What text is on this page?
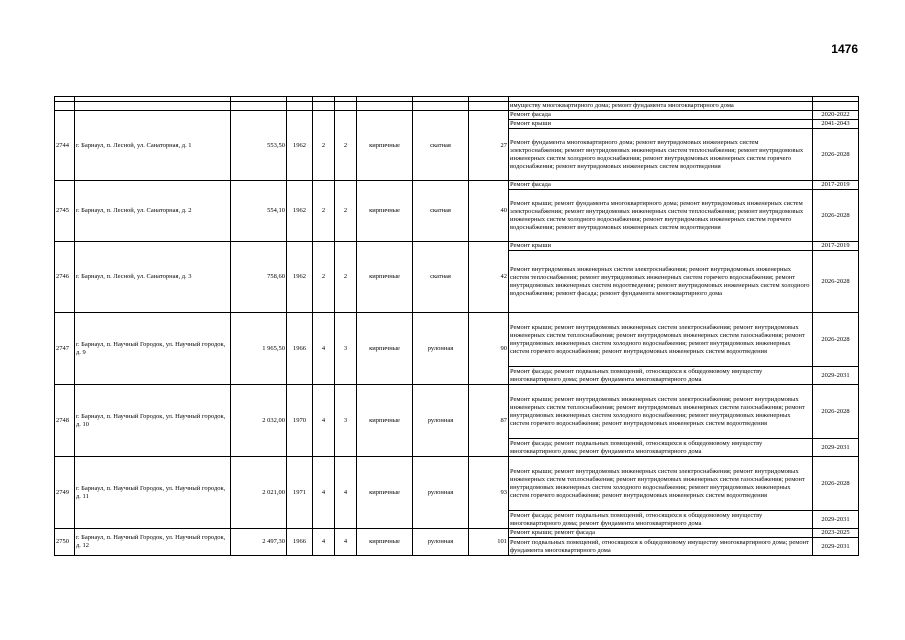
1476

									имуществу многоквартирного дома; ремонт фундамента многоквартирного дома	
2744	г. Барнаул, п. Лесной, ул. Санаторная, д. 1	553,50	1962	2	2	кирпичные	скатная	27	Ремонт фасада	2020-2022
									Ремонт крыши	2041-2043
									Ремонт фундамента многоквартирного дома; ремонт внутридомовых инженерных систем электроснабжения; ремонт внутридомовых инженерных систем теплоснабжения; ремонт внутридомовых инженерных систем холодного водоснабжения; ремонт внутридомовых инженерных систем горячего водоснабжения; ремонт внутридомовых инженерных систем водоотведения	2026-2028
2745	г. Барнаул, п. Лесной, ул. Санаторная, д. 2	554,10	1962	2	2	кирпичные	скатная	40	Ремонт фасада	2017-2019
									Ремонт крыши; ремонт фундамента многоквартирного дома; ремонт внутридомовых инженерных систем электроснабжения; ремонт внутридомовых инженерных систем теплоснабжения; ремонт внутридомовых инженерных систем холодного водоснабжения; ремонт внутридомовых инженерных систем горячего водоснабжения; ремонт внутридомовых инженерных систем водоотведения	2026-2028
2746	г. Барнаул, п. Лесной, ул. Санаторная, д. 3	758,60	1962	2	2	кирпичные	скатная	42	Ремонт крыши	2017-2019
									Ремонт внутридомовых инженерных систем электроснабжения; ремонт внутридомовых инженерных систем теплоснабжения; ремонт внутридомовых инженерных систем горячего водоснабжения; ремонт внутридомовых инженерных систем водоотведения; ремонт внутридомовых инженерных систем холодного водоснабжения; ремонт фасада; ремонт фундамента многоквартирного дома	2026-2028
2747	г. Барнаул, п. Научный Городок, ул. Научный городок, д. 9	1 965,50	1966	4	3	кирпичные	рулонная	90	Ремонт крыши; ремонт внутридомовых инженерных систем электроснабжения; ремонт внутридомовых инженерных систем теплоснабжения; ремонт внутридомовых инженерных систем газоснабжения; ремонт внутридомовых инженерных систем холодного водоснабжения; ремонт внутридомовых инженерных систем горячего водоснабжения; ремонт внутридомовых инженерных систем водоотведения	2026-2028
									Ремонт фасада; ремонт подвальных помещений, относящихся к общедомовому имуществу многоквартирного дома; ремонт фундамента многоквартирного дома	2029-2031
2748	г. Барнаул, п. Научный Городок, ул. Научный городок, д. 10	2 032,00	1970	4	3	кирпичные	рулонная	87	Ремонт крыши; ремонт внутридомовых инженерных систем электроснабжения; ремонт внутридомовых инженерных систем теплоснабжения; ремонт внутридомовых инженерных систем газоснабжения; ремонт внутридомовых инженерных систем холодного водоснабжения; ремонт внутридомовых инженерных систем горячего водоснабжения; ремонт внутридомовых инженерных систем водоотведения	2026-2028
									Ремонт фасада; ремонт подвальных помещений, относящихся к общедомовому имуществу многоквартирного дома; ремонт фундамента многоквартирного дома	2029-2031
2749	г. Барнаул, п. Научный Городок, ул. Научный городок, д. 11	2 021,00	1971	4	4	кирпичные	рулонная	93	Ремонт крыши; ремонт внутридомовых инженерных систем электроснабжения; ремонт внутридомовых инженерных систем теплоснабжения; ремонт внутридомовых инженерных систем газоснабжения; ремонт внутридомовых инженерных систем холодного водоснабжения; ремонт внутридомовых инженерных систем горячего водоснабжения; ремонт внутридомовых инженерных систем водоотведения	2026-2028
									Ремонт фасада; ремонт подвальных помещений, относящихся к общедомовому имуществу многоквартирного дома; ремонт фундамента многоквартирного дома	2029-2031
2750	г. Барнаул, п. Научный Городок, ул. Научный городок, д. 12	2 497,30	1966	4	4	кирпичные	рулонная	101	Ремонт крыши; ремонт фасада	2023-2025
									Ремонт подвальных помещений, относящихся к общедомовому имуществу многоквартирного дома; ремонт фундамента многоквартирного дома	2029-2031
